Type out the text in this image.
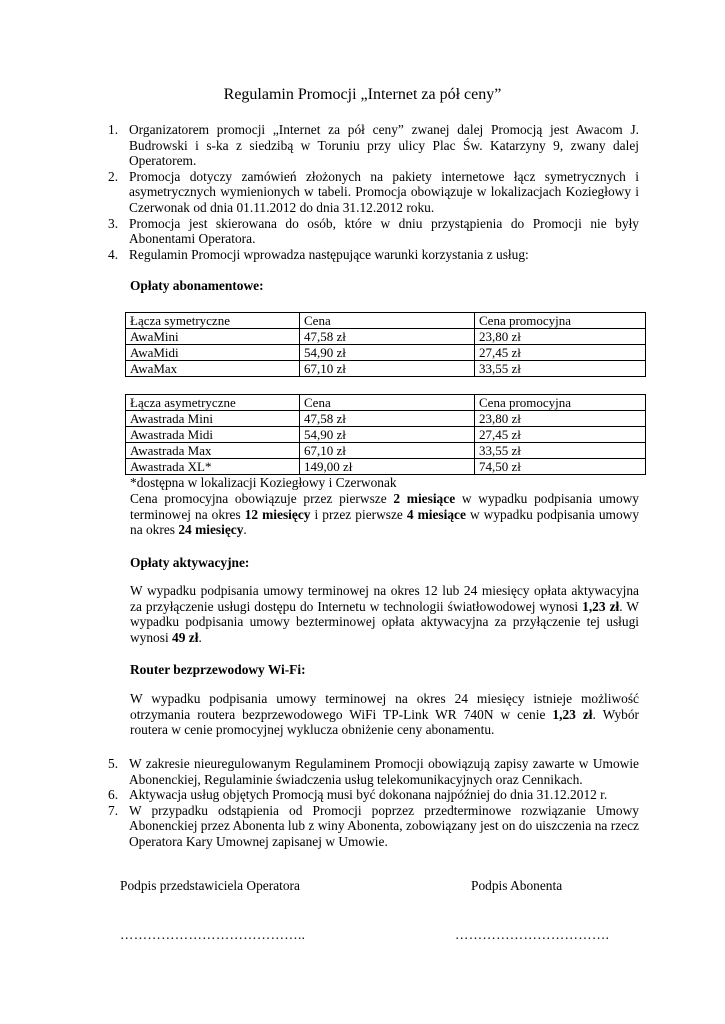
Regulamin Promocji „Internet za pół ceny”
1. Organizatorem promocji „Internet za pół ceny” zwanej dalej Promocją jest Awacom J. Budrowski i s-ka z siedzibą w Toruniu przy ulicy Plac Św. Katarzyny 9, zwany dalej Operatorem.
2. Promocja dotyczy zamówień złożonych na pakiety internetowe łącz symetrycznych i asymetrycznych wymienionych w tabeli. Promocja obowiązuje w lokalizacjach Koziegłowy i Czerwonak od dnia 01.11.2012 do dnia 31.12.2012 roku.
3. Promocja jest skierowana do osób, które w dniu przystąpienia do Promocji nie były Abonentami Operatora.
4. Regulamin Promocji wprowadza następujące warunki korzystania z usług:
Opłaty abonamentowe:
Łącza symetryczne	Cena	Cena promocyjna
AwaMini	47,58 zł	23,80 zł
AwaMidi	54,90 zł	27,45 zł
AwaMax	67,10 zł	33,55 zł
Łącza asymetryczne	Cena	Cena promocyjna
Awastrada Mini	47,58 zł	23,80 zł
Awastrada Midi	54,90 zł	27,45 zł
Awastrada Max	67,10 zł	33,55 zł
Awastrada XL*	149,00 zł	74,50 zł
*dostępna w lokalizacji Koziegłowy i Czerwonak

Cena promocyjna obowiązuje przez pierwsze 2 miesiące w wypadku podpisania umowy terminowej na okres 12 miesięcy i przez pierwsze 4 miesiące w wypadku podpisania umowy na okres 24 miesięcy.

Opłaty aktywacyjne:

W wypadku podpisania umowy terminowej na okres 12 lub 24 miesięcy opłata aktywacyjna za przyłączenie usługi dostępu do Internetu w technologii światłowodowej wynosi 1,23 zł. W wypadku podpisania umowy bezterminowej opłata aktywacyjna za przyłączenie tej usługi wynosi 49 zł.

Router bezprzewodowy Wi-Fi:

W wypadku podpisania umowy terminowej na okres 24 miesięcy istnieje możliwość otrzymania routera bezprzewodowego WiFi TP-Link WR 740N w cenie 1,23 zł. Wybór routera w cenie promocyjnej wyklucza obniżenie ceny abonamentu.

5. W zakresie nieuregulowanym Regulaminem Promocji obowiązują zapisy zawarte w Umowie Abonenckiej, Regulaminie świadczenia usług telekomunikacyjnych oraz Cennikach.
6. Aktywacja usług objętych Promocją musi być dokonana najpóźniej do dnia 31.12.2012 r.
7. W przypadku odstąpienia od Promocji poprzez przedterminowe rozwiązanie Umowy Abonenckiej przez Abonenta lub z winy Abonenta, zobowiązany jest on do uiszczenia na rzecz Operatora Kary Umownej zapisanej w Umowie.
Podpis przedstawiciela Operatora	Podpis Abonenta
…………………………………..	…………………………….
